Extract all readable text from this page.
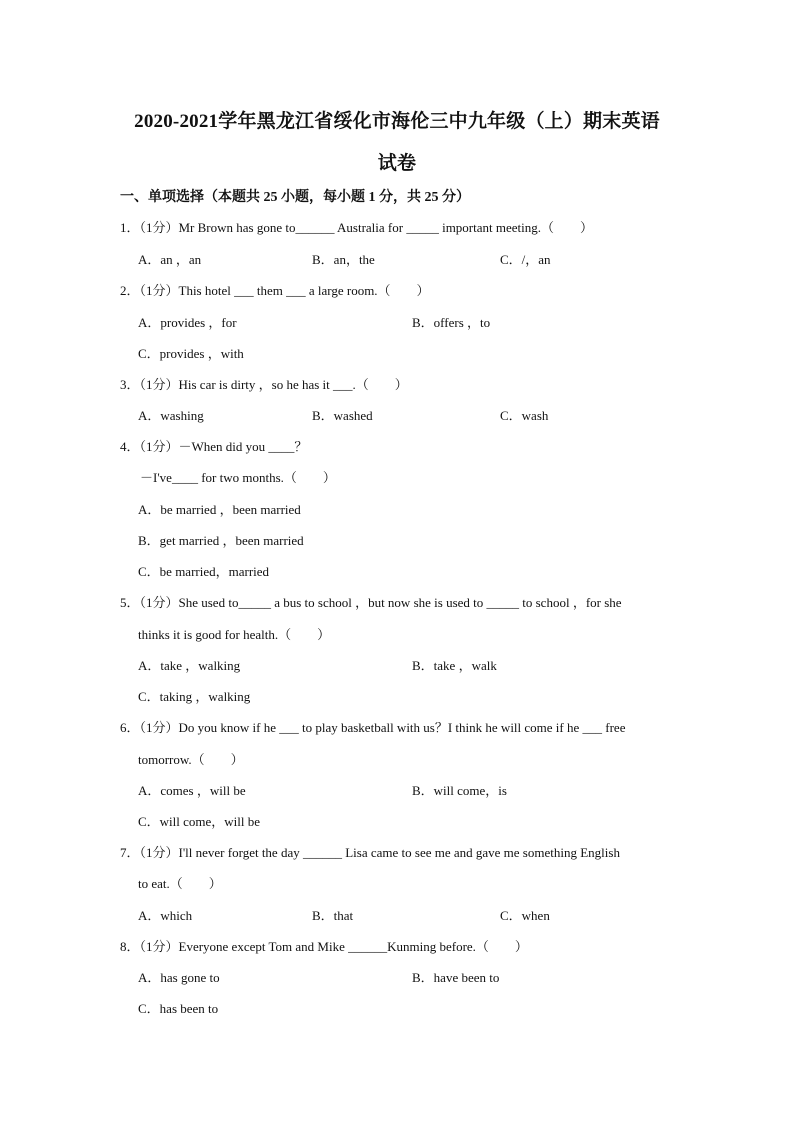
2020-2021学年黑龙江省绥化市海伦三中九年级（上）期末英语
试卷
一、单项选择（本题共 25 小题，每小题 1 分，共 25 分）
1．（1分）Mr Brown has gone to______ Australia for _____ important meeting.（　　）
A．an ，an	B．an，the	C．/，an
2．（1分）This hotel ___ them ___ a large room.（　　）
A．provides ，for	B．offers ，to
C．provides ，with
3．（1分）His car is dirty ，so he has it ___.（　　）
A．washing	B．washed	C．wash
4．（1分）－When did you ____？
－I've____ for two months.（　　）
A．be married ，been married
B．get married ，been married
C．be married，married
5．（1分）She used to_____ a bus to school ，but now she is used to _____ to school ，for she
thinks it is good for health.（　　）
A．take ，walking	B．take ，walk
C．taking ，walking
6．（1分）Do you know if he ___ to play basketball with us？I think he will come if he ___ free
tomorrow.（　　）
A．comes ，will be	B．will come，is
C．will come，will be
7．（1分）I'll never forget the day ______ Lisa came to see me and gave me something English
to eat.（　　）
A．which	B．that	C．when
8．（1分）Everyone except Tom and Mike ______Kunming before.（　　）
A．has gone to	B．have been to
C．has been to
